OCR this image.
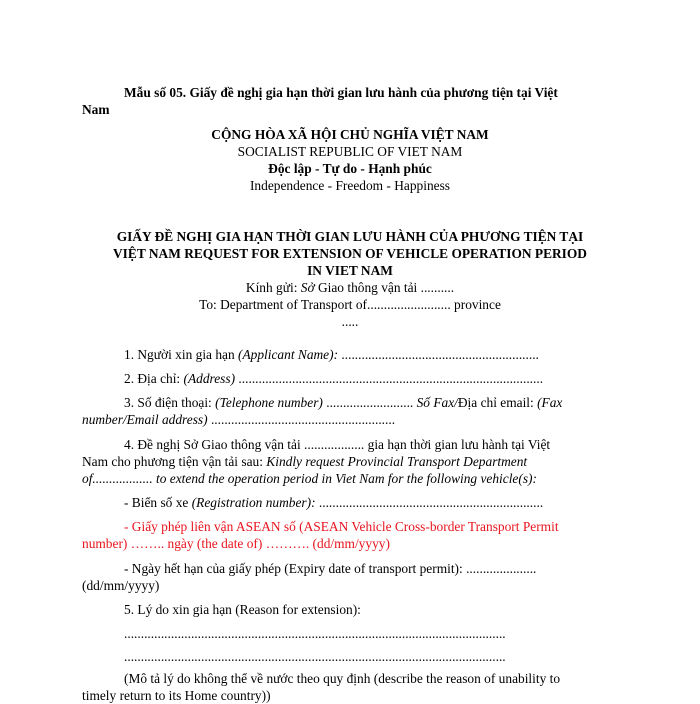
Mẫu số 05. Giấy đề nghị gia hạn thời gian lưu hành của phương tiện tại Việt

Nam

CỘNG HÒA XÃ HỘI CHỦ NGHĨA VIỆT NAM

SOCIALIST REPUBLIC OF VIET NAM

Độc lập - Tự do - Hạnh phúc

Independence - Freedom - Happiness

GIẤY ĐỀ NGHỊ GIA HẠN THỜI GIAN LƯU HÀNH CỦA PHƯƠNG TIỆN TẠI

VIỆT NAM REQUEST FOR EXTENSION OF VEHICLE OPERATION PERIOD

IN VIET NAM

Kính gửi: Sở Giao thông vận tải ..........

To: Department of Transport of......................... province

.....

1. Người xin gia hạn (Applicant Name): ...........................................................

2. Địa chỉ: (Address) ...........................................................................................

3. Số điện thoại: (Telephone number) .......................... Số Fax/Địa chỉ email: (Fax

number/Email address) .......................................................

4. Đề nghị Sở Giao thông vận tải .................. gia hạn thời gian lưu hành tại Việt

Nam cho phương tiện vận tải sau: Kindly request Provincial Transport Department

of.................. to extend the operation period in Viet Nam for the following vehicle(s):

- Biển số xe (Registration number): ...................................................................

- Giấy phép liên vận ASEAN số (ASEAN Vehicle Cross-border Transport Permit

number) …….. ngày (the date of) ………. (dd/mm/yyyy)

- Ngày hết hạn của giấy phép (Expiry date of transport permit): .....................

(dd/mm/yyyy)

5. Lý do xin gia hạn (Reason for extension):

..................................................................................................................

..................................................................................................................

(Mô tả lý do không thể về nước theo quy định (describe the reason of unability to

timely return to its Home country))
